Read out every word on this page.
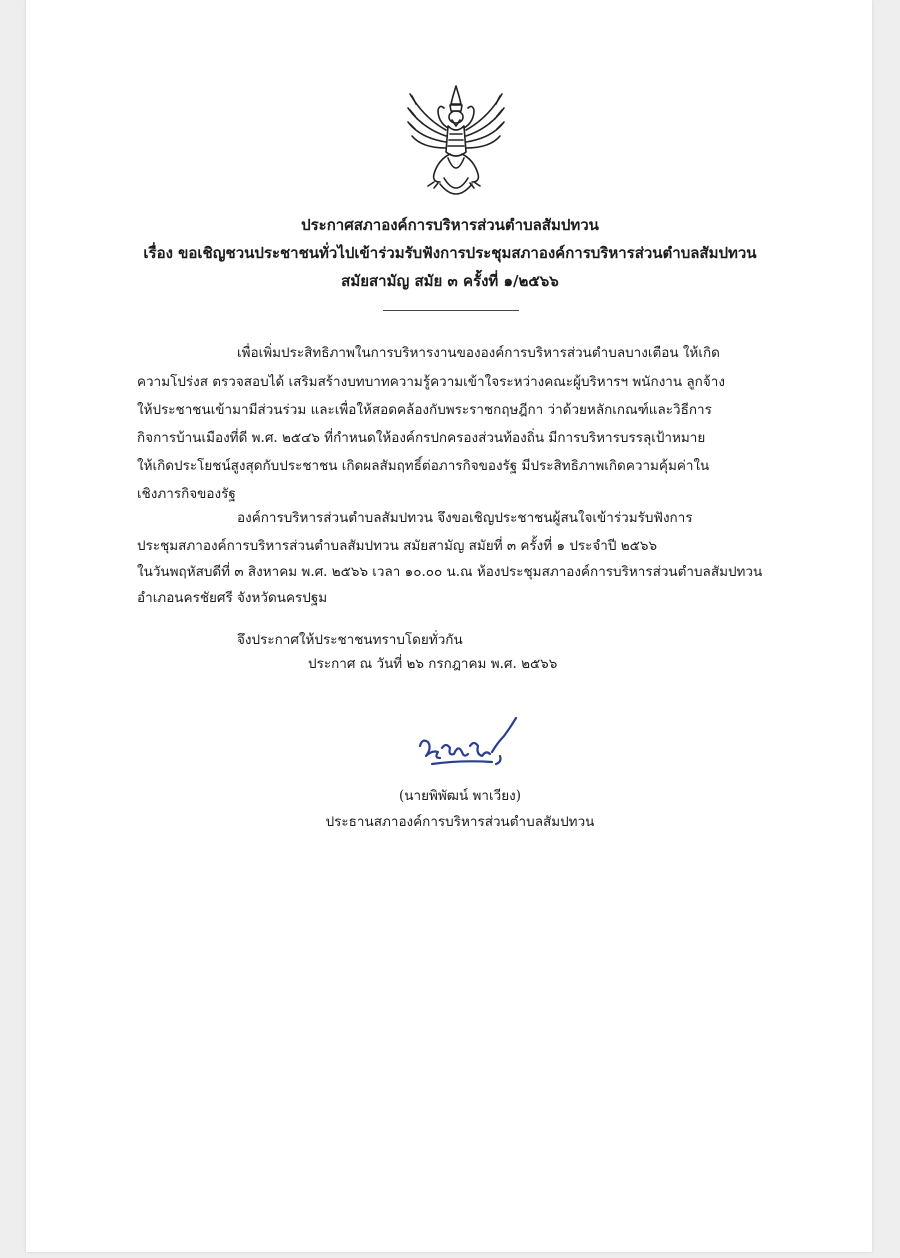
ประกาศสภาองค์การบริหารส่วนตำบลสัมปทวน
เรื่อง ขอเชิญชวนประชาชนทั่วไปเข้าร่วมรับฟังการประชุมสภาองค์การบริหารส่วนตำบลสัมปทวน
สมัยสามัญ สมัย ๓ ครั้งที่ ๑/๒๕๖๖
เพื่อเพิ่มประสิทธิภาพในการบริหารงานขององค์การบริหารส่วนตำบลบางเตือน ให้เกิด
ความโปร่งส ตรวจสอบได้ เสริมสร้างบทบาทความรู้ความเข้าใจระหว่างคณะผู้บริหารฯ พนักงาน ลูกจ้าง
ให้ประชาชนเข้ามามีส่วนร่วม และเพื่อให้สอดคล้องกับพระราชกฤษฎีกา ว่าด้วยหลักเกณฑ์และวิธีการ
กิจการบ้านเมืองที่ดี พ.ศ. ๒๕๔๖ ที่กำหนดให้องค์กรปกครองส่วนท้องถิ่น มีการบริหารบรรลุเป้าหมาย
ให้เกิดประโยชน์สูงสุดกับประชาชน เกิดผลสัมฤทธิ์ต่อภารกิจของรัฐ มีประสิทธิภาพเกิดความคุ้มค่าใน
เชิงภารกิจของรัฐ
องค์การบริหารส่วนตำบลสัมปทวน จึงขอเชิญประชาชนผู้สนใจเข้าร่วมรับฟังการ
ประชุมสภาองค์การบริหารส่วนตำบลสัมปทวน สมัยสามัญ สมัยที่ ๓ ครั้งที่ ๑ ประจำปี ๒๕๖๖
ในวันพฤหัสบดีที่ ๓ สิงหาคม พ.ศ. ๒๕๖๖ เวลา ๑๐.๐๐ น.ณ ห้องประชุมสภาองค์การบริหารส่วนตำบลสัมปทวน
อำเภอนครชัยศรี จังหวัดนครปฐม
จึงประกาศให้ประชาชนทราบโดยทั่วกัน
ประกาศ ณ วันที่ ๒๖ กรกฎาคม พ.ศ. ๒๕๖๖
(นายพิพัฒน์ พาเวียง)
ประธานสภาองค์การบริหารส่วนตำบลสัมปทวน
